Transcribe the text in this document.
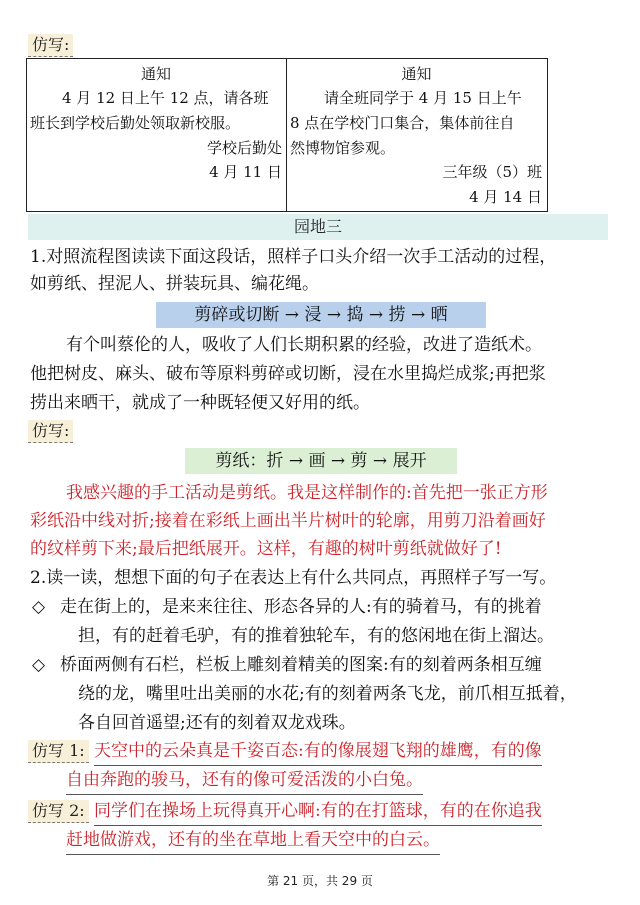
仿写:
通知
4 月 12 日上午 12 点，请各班
班长到学校后勤处领取新校服。
学校后勤处
4 月 11 日
通知
请全班同学于 4 月 15 日上午
8 点在学校门口集合，集体前往自
然博物馆参观。
三年级（5）班
4 月 14 日
园地三
1.对照流程图读读下面这段话，照样子口头介绍一次手工活动的过程，
如剪纸、捏泥人、拼装玩具、编花绳。
剪碎或切断 → 浸 → 捣 → 捞 → 晒
有个叫蔡伦的人，吸收了人们长期积累的经验，改进了造纸术。
他把树皮、麻头、破布等原料剪碎或切断，浸在水里捣烂成浆;再把浆
捞出来晒干，就成了一种既轻便又好用的纸。
仿写:
剪纸：折 → 画 → 剪 → 展开
我感兴趣的手工活动是剪纸。我是这样制作的:首先把一张正方形
彩纸沿中线对折;接着在彩纸上画出半片树叶的轮廓，用剪刀沿着画好
的纹样剪下来;最后把纸展开。这样，有趣的树叶剪纸就做好了!
2.读一读，想想下面的句子在表达上有什么共同点，再照样子写一写。
◇ 走在街上的，是来来往往、形态各异的人:有的骑着马，有的挑着
担，有的赶着毛驴，有的推着独轮车，有的悠闲地在街上溜达。
◇ 桥面两侧有石栏，栏板上雕刻着精美的图案:有的刻着两条相互缠
绕的龙，嘴里吐出美丽的水花;有的刻着两条飞龙，前爪相互抵着，
各自回首遥望;还有的刻着双龙戏珠。
仿写 1: 天空中的云朵真是千姿百态:有的像展翅飞翔的雄鹰，有的像
自由奔跑的骏马，还有的像可爱活泼的小白兔。
仿写 2: 同学们在操场上玩得真开心啊:有的在打篮球，有的在你追我
赶地做游戏，还有的坐在草地上看天空中的白云。
第 21 页，共 29 页
